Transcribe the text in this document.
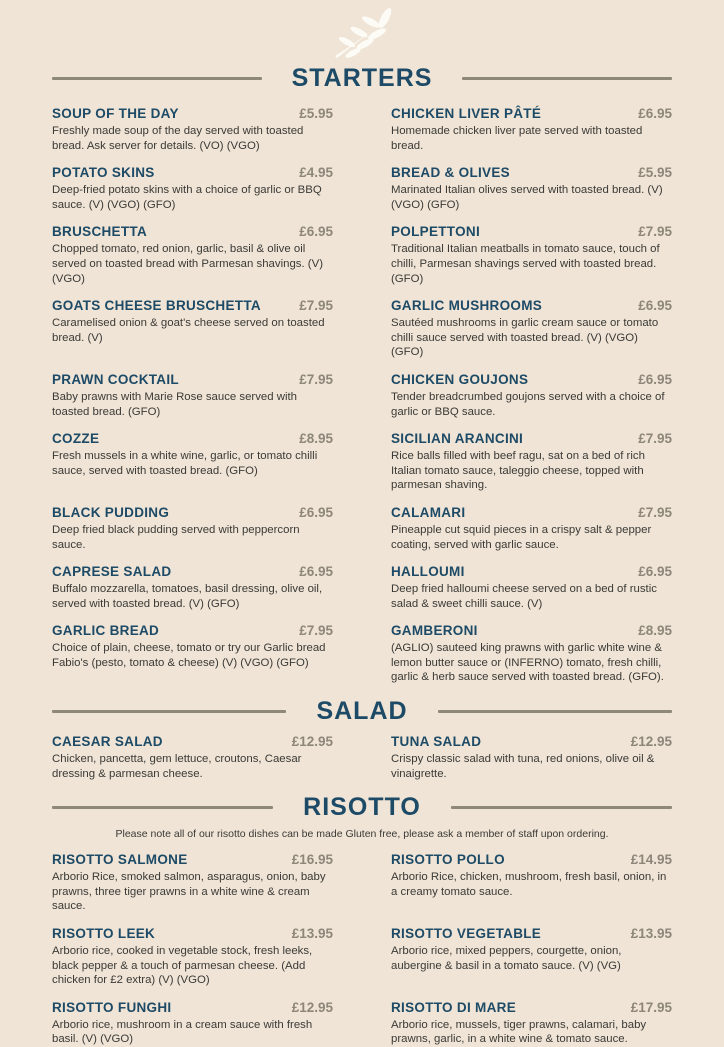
STARTERS
SOUP OF THE DAY	£5.95

Freshly made soup of the day served with toasted bread. Ask server for details. (VO) (VGO)

CHICKEN LIVER PÂTÉ	£6.95

Homemade chicken liver pate served with toasted bread.

POTATO SKINS	£4.95

Deep-fried potato skins with a choice of garlic or BBQ sauce. (V) (VGO) (GFO)

BREAD & OLIVES	£5.95

Marinated Italian olives served with toasted bread. (V) (VGO) (GFO)

BRUSCHETTA	£6.95

Chopped tomato, red onion, garlic, basil & olive oil served on toasted bread with Parmesan shavings. (V) (VGO)

POLPETTONI	£7.95

Traditional Italian meatballs in tomato sauce, touch of chilli, Parmesan shavings served with toasted bread. (GFO)

GOATS CHEESE BRUSCHETTA	£7.95

Caramelised onion & goat's cheese served on toasted bread. (V)

GARLIC MUSHROOMS	£6.95

Sautéed mushrooms in garlic cream sauce or tomato chilli sauce served with toasted bread. (V) (VGO) (GFO)

PRAWN COCKTAIL	£7.95

Baby prawns with Marie Rose sauce served with toasted bread. (GFO)

CHICKEN GOUJONS	£6.95

Tender breadcrumbed goujons served with a choice of garlic or BBQ sauce.

COZZE	£8.95

Fresh mussels in a white wine, garlic, or tomato chilli sauce, served with toasted bread. (GFO)

SICILIAN ARANCINI	£7.95

Rice balls filled with beef ragu, sat on a bed of rich Italian tomato sauce, taleggio cheese, topped with parmesan shaving.

BLACK PUDDING	£6.95

Deep fried black pudding served with peppercorn sauce.

CALAMARI	£7.95

Pineapple cut squid pieces in a crispy salt & pepper coating, served with garlic sauce.

CAPRESE SALAD	£6.95

Buffalo mozzarella, tomatoes, basil dressing, olive oil, served with toasted bread. (V) (GFO)

HALLOUMI	£6.95

Deep fried halloumi cheese served on a bed of rustic salad & sweet chilli sauce. (V)

GARLIC BREAD	£7.95

Choice of plain, cheese, tomato or try our Garlic bread Fabio's (pesto, tomato & cheese) (V) (VGO) (GFO)

GAMBERONI	£8.95

(AGLIO) sauteed king prawns with garlic white wine & lemon butter sauce or (INFERNO) tomato, fresh chilli, garlic & herb sauce served with toasted bread. (GFO).

SALAD
CAESAR SALAD	£12.95

Chicken, pancetta, gem lettuce, croutons, Caesar dressing & parmesan cheese.

TUNA SALAD	£12.95

Crispy classic salad with tuna, red onions, olive oil & vinaigrette.

RISOTTO

Please note all of our risotto dishes can be made Gluten free, please ask a member of staff upon ordering.

RISOTTO SALMONE	£16.95

Arborio Rice, smoked salmon, asparagus, onion, baby prawns, three tiger prawns in a white wine & cream sauce.

RISOTTO POLLO	£14.95

Arborio Rice, chicken, mushroom, fresh basil, onion, in a creamy tomato sauce.

RISOTTO LEEK	£13.95

Arborio rice, cooked in vegetable stock, fresh leeks, black pepper & a touch of parmesan cheese. (Add chicken for £2 extra) (V) (VGO)

RISOTTO VEGETABLE	£13.95

Arborio rice, mixed peppers, courgette, onion, aubergine & basil in a tomato sauce. (V) (VG)

RISOTTO FUNGHI	£12.95

Arborio rice, mushroom in a cream sauce with fresh basil. (V) (VGO)

RISOTTO DI MARE	£17.95

Arborio rice, mussels, tiger prawns, calamari, baby prawns, garlic, in a white wine & tomato sauce.
